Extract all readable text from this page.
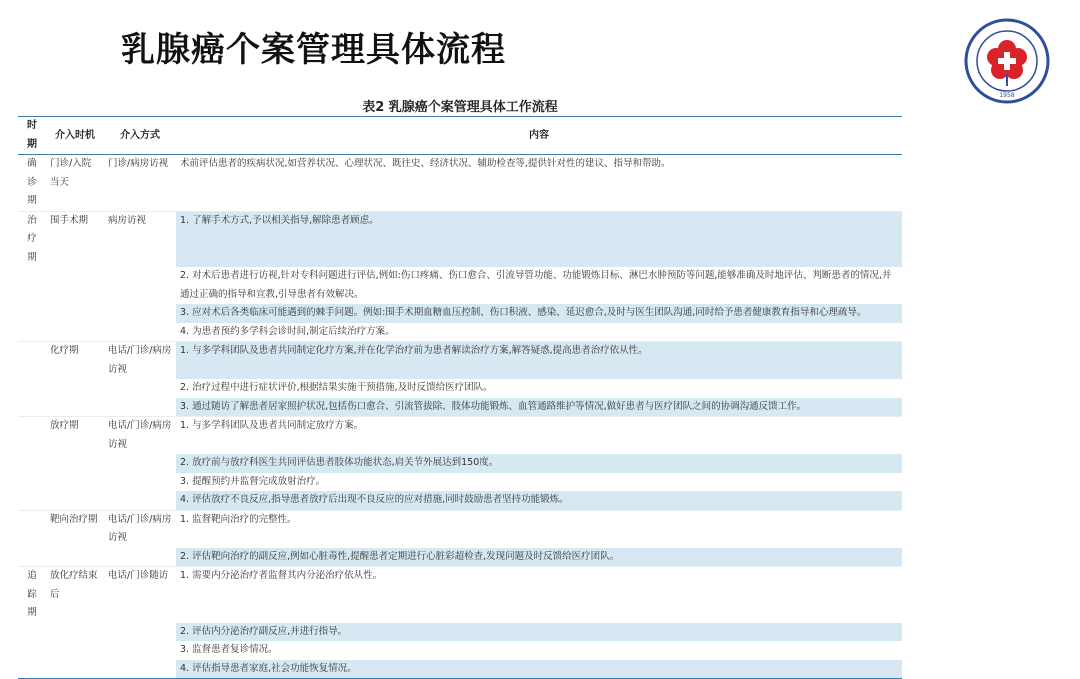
乳腺癌个案管理具体流程
1958
表2 乳腺癌个案管理具体工作流程
时期	介入时机	介入方式	内容

确诊期	门诊/入院当天	门诊/病房访视	术前评估患者的疾病状况,如营养状况、心理状况、既往史、经济状况、辅助检查等,提供针对性的建议、指导和帮助。

治疗期	围手术期	病房访视	1. 了解手术方式,予以相关指导,解除患者顾虑。

			2. 对术后患者进行访视,针对专科问题进行评估,例如:伤口疼痛、伤口愈合、引流导管功能、功能锻炼目标、淋巴水肿预防等问题,能够准确及时地评估、判断患者的情况,并通过正确的指导和宣教,引导患者有效解决。

			3. 应对术后各类临床可能遇到的棘手问题。例如:围手术期血糖血压控制、伤口积液、感染、延迟愈合,及时与医生团队沟通,同时给予患者健康教育指导和心理疏导。

			4. 为患者预约多学科会诊时间,制定后续治疗方案。

	化疗期	电话/门诊/病房访视	1. 与多学科团队及患者共同制定化疗方案,并在化学治疗前为患者解读治疗方案,解答疑惑,提高患者治疗依从性。

			2. 治疗过程中进行症状评价,根据结果实施干预措施,及时反馈给医疗团队。

			3. 通过随访了解患者居家照护状况,包括伤口愈合、引流管拔除、肢体功能锻炼、血管通路维护等情况,做好患者与医疗团队之间的协调沟通反馈工作。

	放疗期	电话/门诊/病房访视	1. 与多学科团队及患者共同制定放疗方案。

			2. 放疗前与放疗科医生共同评估患者肢体功能状态,肩关节外展达到150度。

			3. 提醒预约并监督完成放射治疗。

			4. 评估放疗不良反应,指导患者放疗后出现不良反应的应对措施,同时鼓励患者坚持功能锻炼。

	靶向治疗期	电话/门诊/病房访视	1. 监督靶向治疗的完整性。

			2. 评估靶向治疗的副反应,例如心脏毒性,提醒患者定期进行心脏彩超检查,发现问题及时反馈给医疗团队。

追踪期	放化疗结束后	电话/门诊随访	1. 需要内分泌治疗者监督其内分泌治疗依从性。

			2. 评估内分泌治疗副反应,并进行指导。

			3. 监督患者复诊情况。

			4. 评估指导患者家庭,社会功能恢复情况。
